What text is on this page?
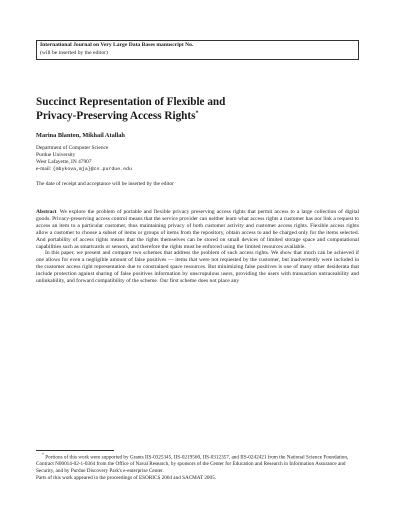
International Journal on Very Large Data Bases manuscript No.
(will be inserted by the editor)
Succinct Representation of Flexible and
Privacy-Preserving Access Rights*
Marina Blanton, Mikhail Atallah
Department of Computer Science
Purdue University
West Lafayette, IN 47907
e-mail: {mbykova,mja}@cs.purdue.edu
The date of receipt and acceptance will be inserted by the editor

Abstract We explore the problem of portable and flexible privacy preserving access rights that permit access to a large collection of digital goods. Privacy-preserving access control means that the service provider can neither learn what access rights a customer has nor link a request to access an item to a particular customer, thus maintaining privacy of both customer activity and customer access rights. Flexible access rights allow a customer to choose a subset of items or groups of items from the repository, obtain access to and be charged only for the items selected. And portability of access rights means that the rights themselves can be stored on small devices of limited storage space and computational capabilities such as smartcards or sensors, and therefore the rights must be enforced using the limited resources available.

In this paper, we present and compare two schemes that address the problem of such access rights. We show that much can be achieved if one allows for even a negligible amount of false positives — items that were not requested by the customer, but inadvertently were included in the customer access right representation due to constrained space resources. But minimizing false positives is one of many other desiderata that include protection against sharing of false positives information by unscrupulous users, providing the users with transaction untraceability and unlinkability, and forward compatibility of the scheme. Our first scheme does not place any

* Portions of this work were supported by Grants IIS-0325345, IIS-0219560, IIS-0312357, and IIS-0242421 from the National Science Foundation, Contract N00014-02-1-0364 from the Office of Naval Research, by sponsors of the Center for Education and Research in Information Assurance and Security, and by Purdue Discovery Park's e-enterprise Center.

Parts of this work appeared in the proceedings of ESORICS 2004 and SACMAT 2005.
